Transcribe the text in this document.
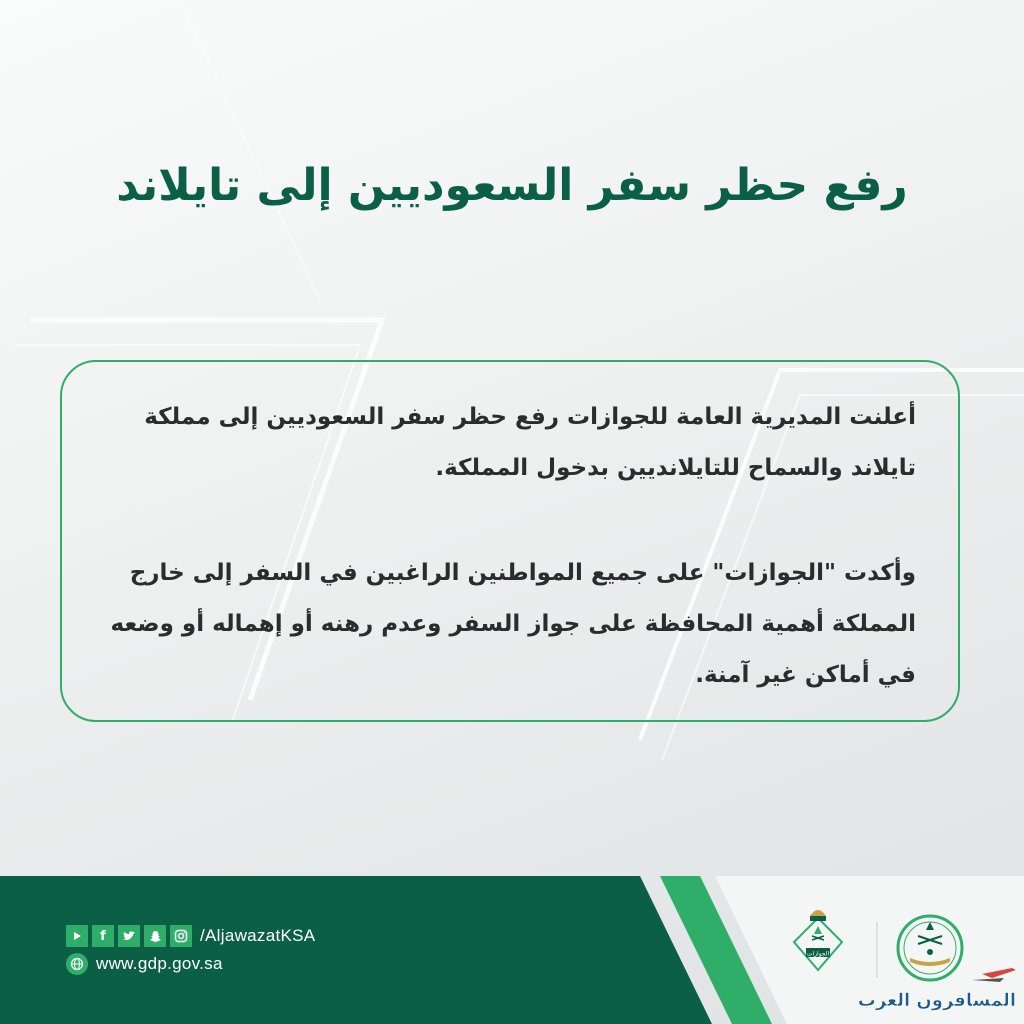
رفع حظر سفر السعوديين إلى تايلاند

أعلنت المديرية العامة للجوازات رفع حظر سفر السعوديين إلى مملكة تايلاند والسماح للتايلانديين بدخول المملكة.

وأكدت "الجوازات" على جميع المواطنين الراغبين في السفر إلى خارج المملكة أهمية المحافظة على جواز السفر وعدم رهنه أو إهماله أو وضعه في أماكن غير آمنة.

f	/AljawazatKSA
www.gdp.gov.sa	الجوازات
المسافرون العرب
